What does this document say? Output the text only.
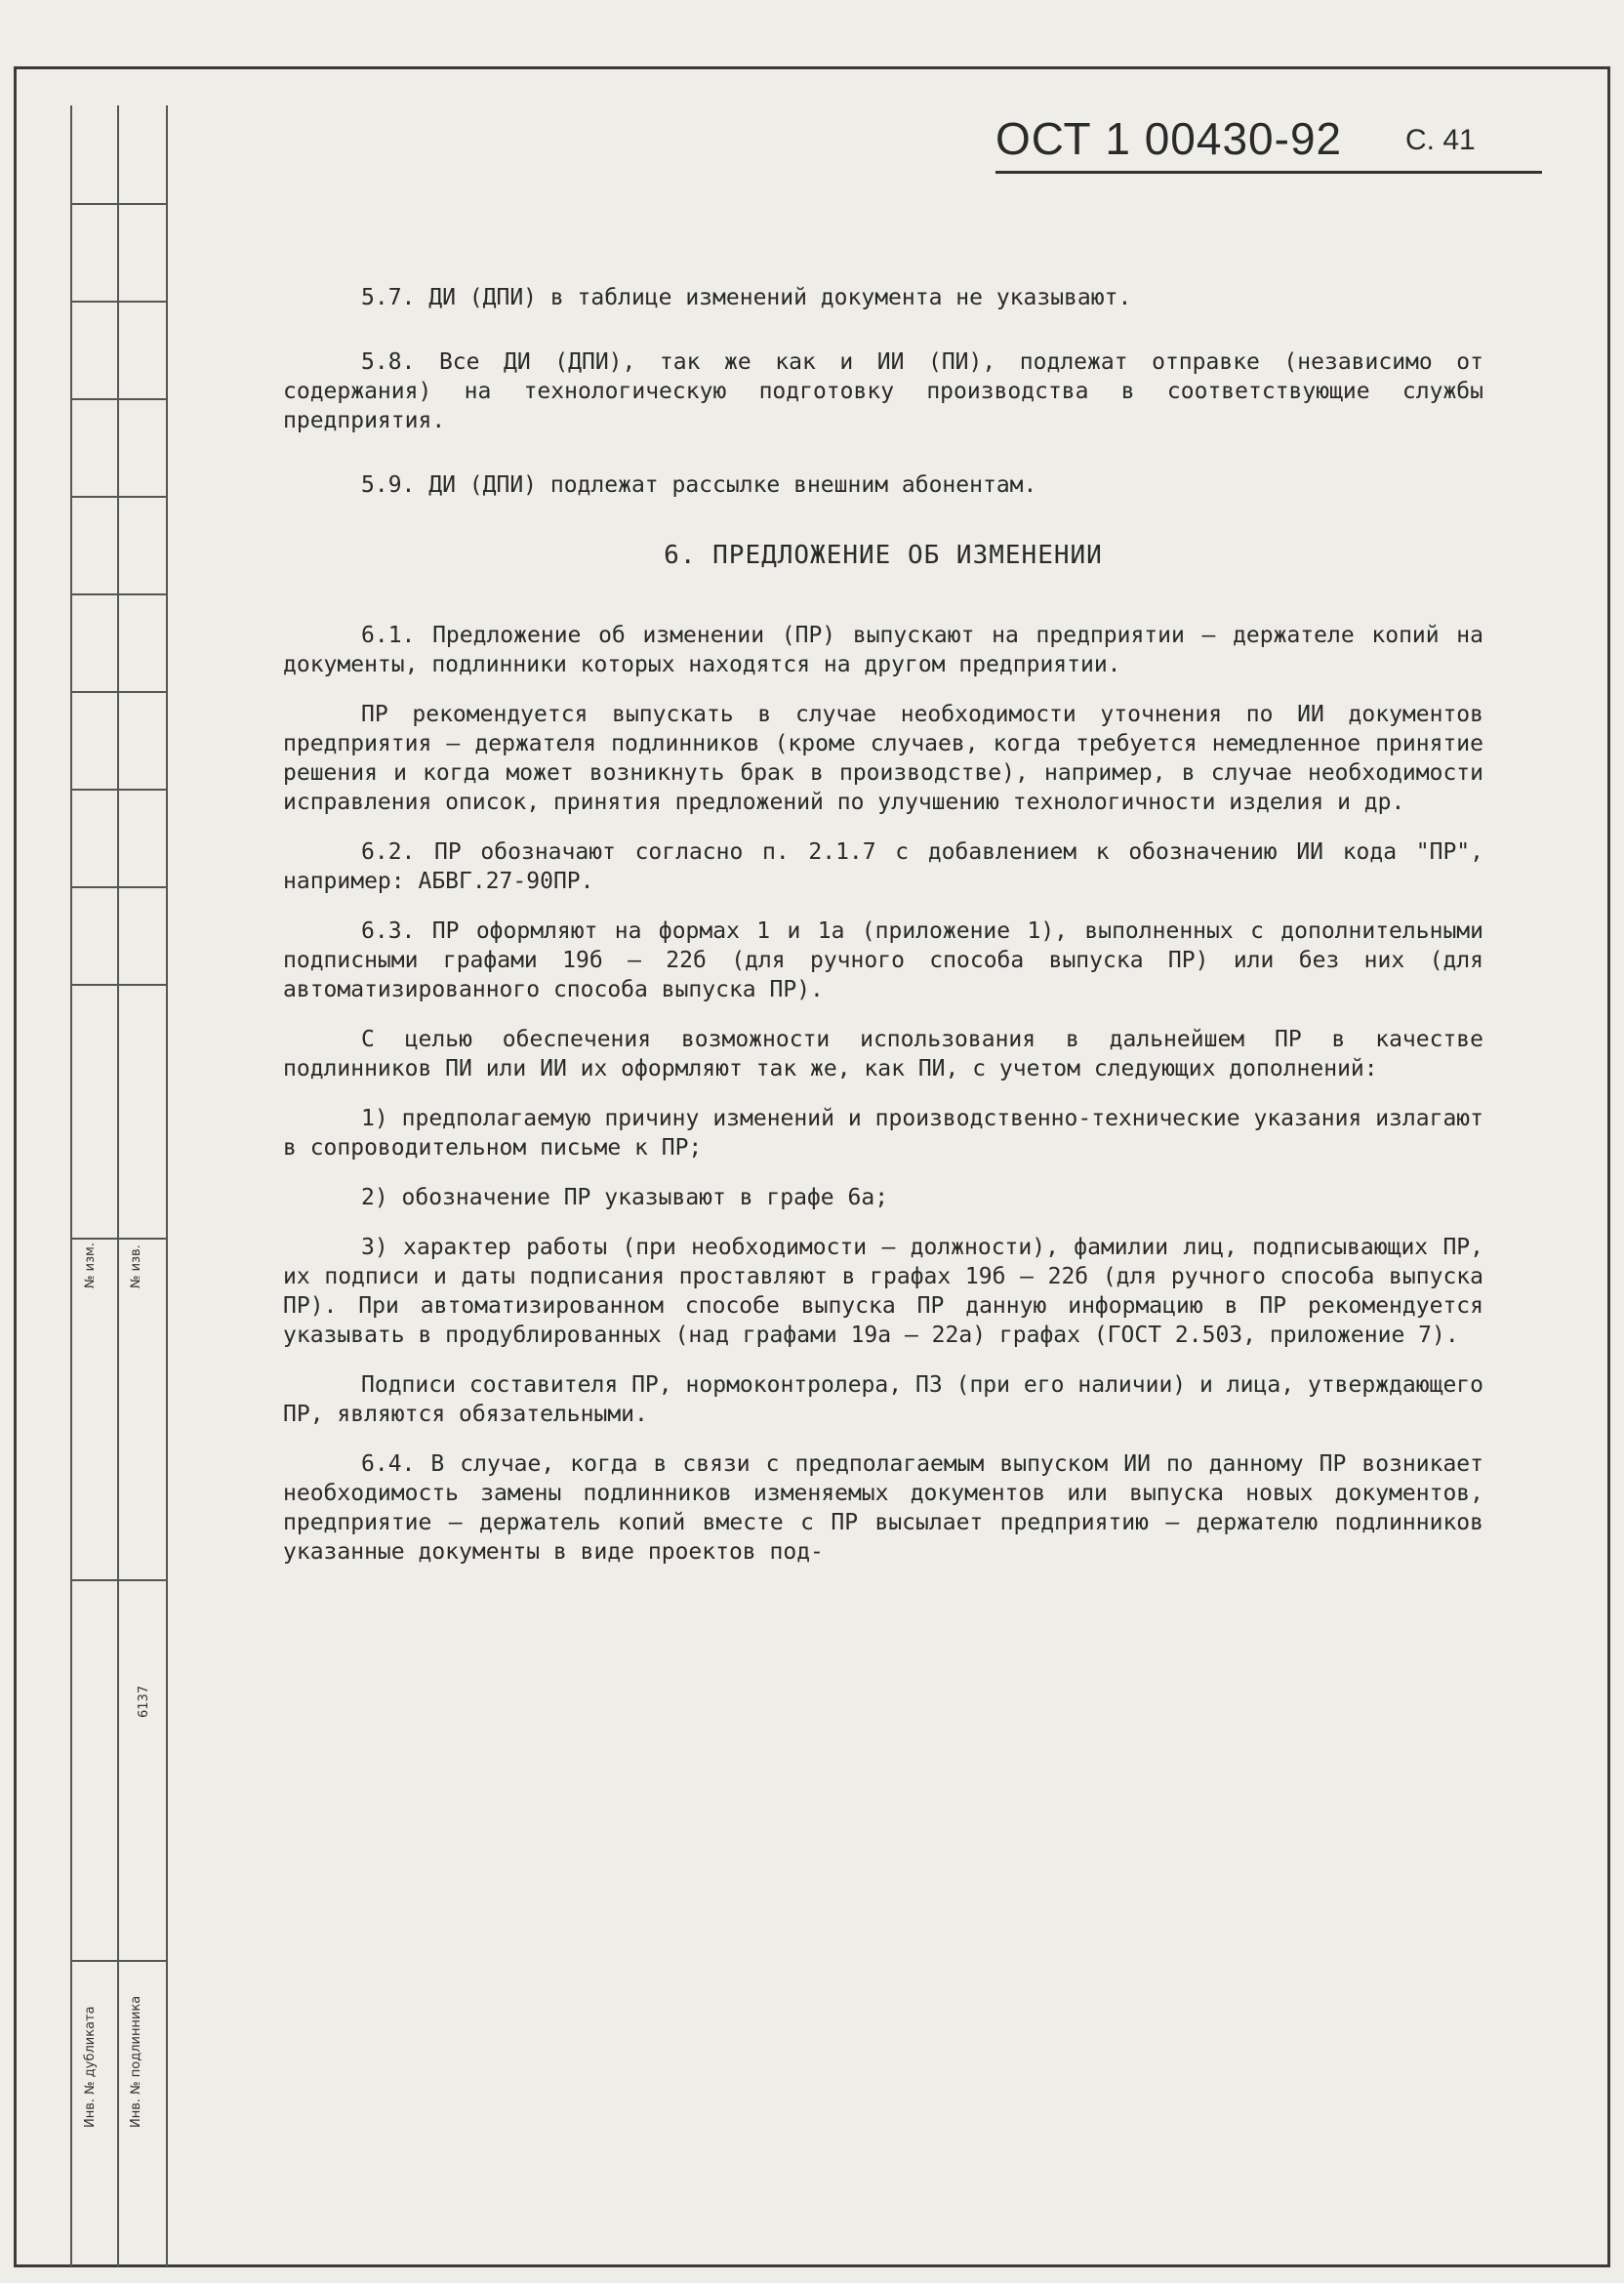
№ изм. № изв.
6137
Инв. № дубликата Инв. № подлинника
ОСТ 1 00430-92 С. 41

5.7. ДИ (ДПИ) в таблице изменений документа не указывают.

5.8. Все ДИ (ДПИ), так же как и ИИ (ПИ), подлежат отправке (независимо от содержания) на технологическую подготовку производства в соответствующие службы предприятия.

5.9. ДИ (ДПИ) подлежат рассылке внешним абонентам.

6. ПРЕДЛОЖЕНИЕ ОБ ИЗМЕНЕНИИ

6.1. Предложение об изменении (ПР) выпускают на предприятии – держателе копий на документы, подлинники которых находятся на другом предприятии.

ПР рекомендуется выпускать в случае необходимости уточнения по ИИ документов предприятия – держателя подлинников (кроме случаев, когда требуется немедленное принятие решения и когда может возникнуть брак в производстве), например, в случае необходимости исправления описок, принятия предложений по улучшению технологичности изделия и др.

6.2. ПР обозначают согласно п. 2.1.7 с добавлением к обозначению ИИ кода "ПР", например: АБВГ.27-90ПР.

6.3. ПР оформляют на формах 1 и 1а (приложение 1), выполненных с дополнительными подписными графами 19б – 22б (для ручного способа выпуска ПР) или без них (для автоматизированного способа выпуска ПР).

С целью обеспечения возможности использования в дальнейшем ПР в качестве подлинников ПИ или ИИ их оформляют так же, как ПИ, с учетом следующих дополнений:

1) предполагаемую причину изменений и производственно-технические указания излагают в сопроводительном письме к ПР;

2) обозначение ПР указывают в графе 6а;

3) характер работы (при необходимости – должности), фамилии лиц, подписывающих ПР, их подписи и даты подписания проставляют в графах 19б – 22б (для ручного способа выпуска ПР). При автоматизированном способе выпуска ПР данную информацию в ПР рекомендуется указывать в продублированных (над графами 19а – 22а) графах (ГОСТ 2.503, приложение 7).

Подписи составителя ПР, нормоконтролера, ПЗ (при его наличии) и лица, утверждающего ПР, являются обязательными.

6.4. В случае, когда в связи с предполагаемым выпуском ИИ по данному ПР возникает необходимость замены подлинников изменяемых документов или выпуска новых документов, предприятие – держатель копий вместе с ПР высылает предприятию – держателю подлинников указанные документы в виде проектов под-
